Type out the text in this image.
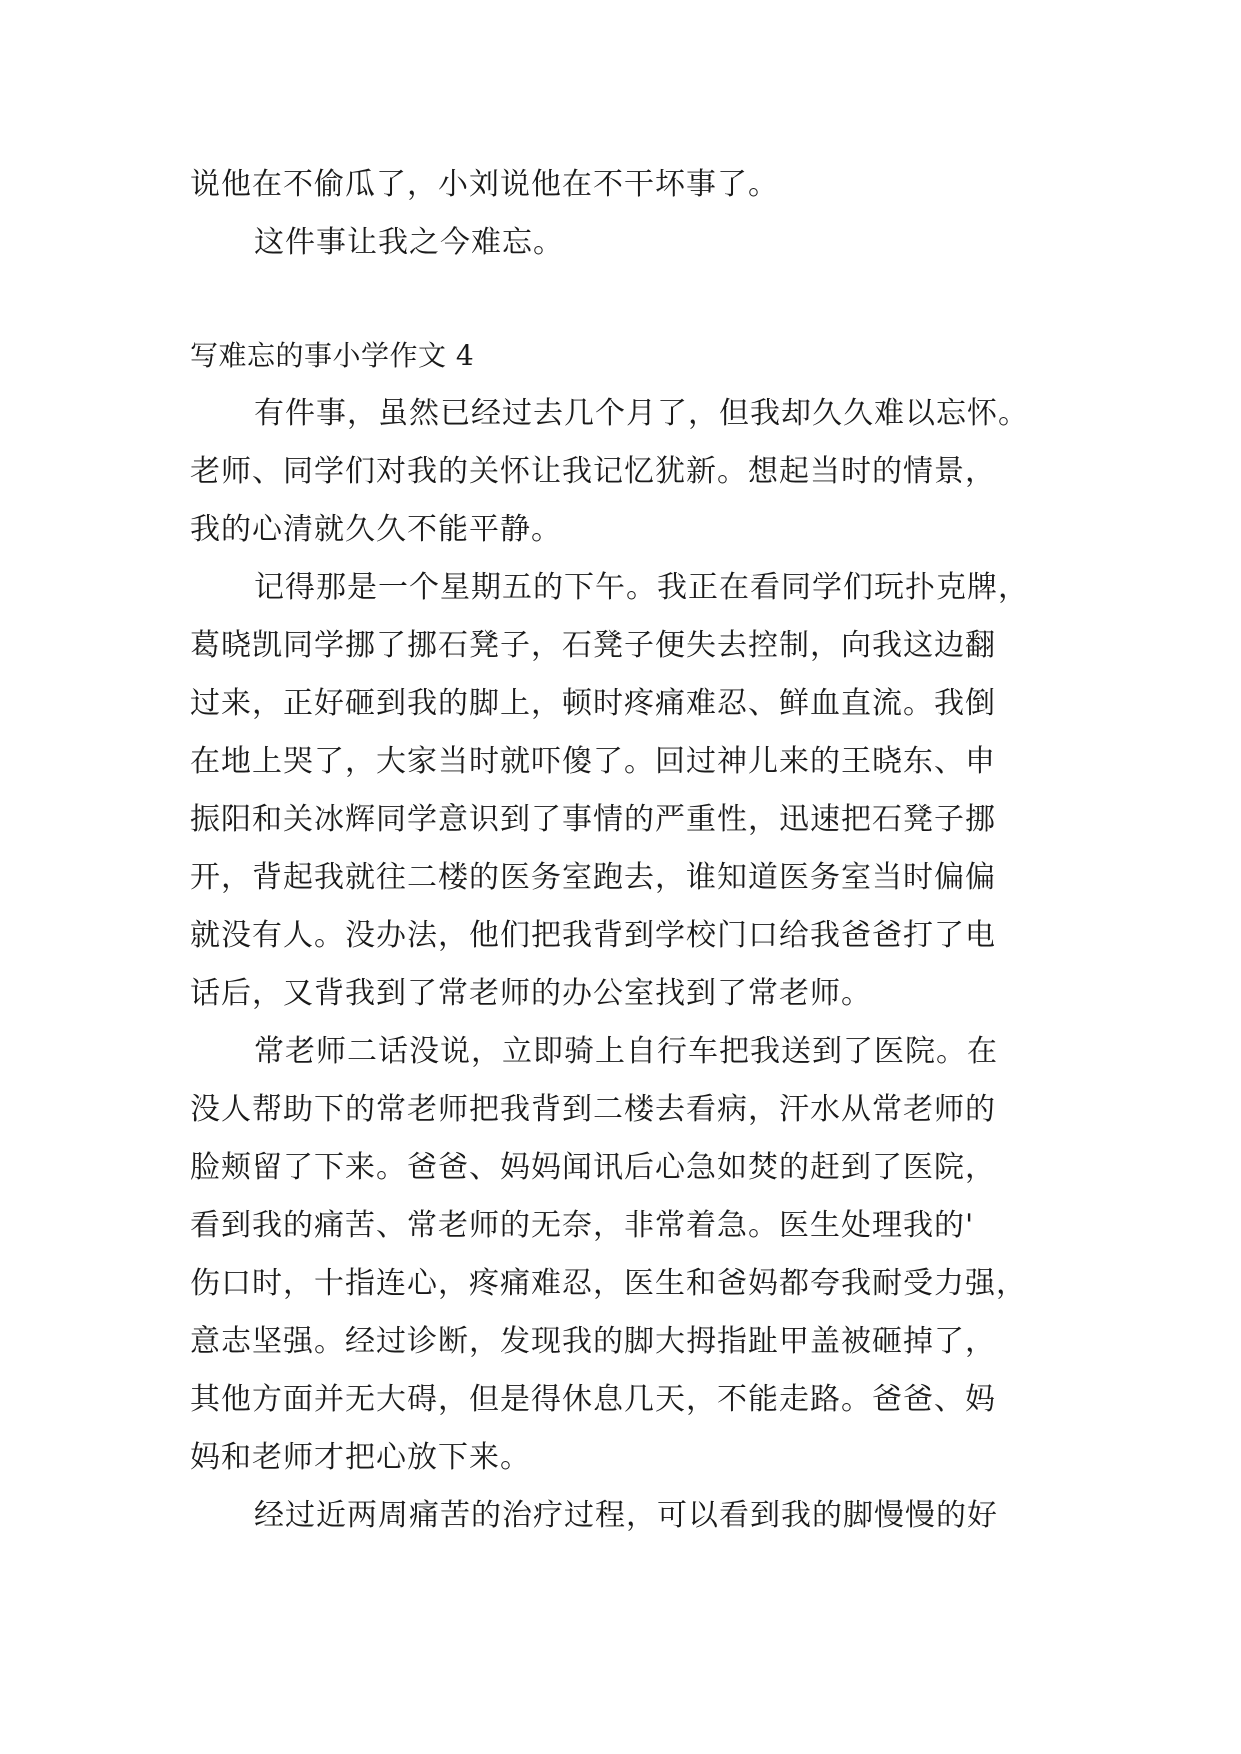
说他在不偷瓜了，小刘说他在不干坏事了。
这件事让我之今难忘。
写难忘的事小学作文 4
有件事，虽然已经过去几个月了，但我却久久难以忘怀。
老师、同学们对我的关怀让我记忆犹新。想起当时的情景，
我的心清就久久不能平静。
记得那是一个星期五的下午。我正在看同学们玩扑克牌，
葛晓凯同学挪了挪石凳子，石凳子便失去控制，向我这边翻
过来，正好砸到我的脚上，顿时疼痛难忍、鲜血直流。我倒
在地上哭了，大家当时就吓傻了。回过神儿来的王晓东、申
振阳和关冰辉同学意识到了事情的严重性，迅速把石凳子挪
开，背起我就往二楼的医务室跑去，谁知道医务室当时偏偏
就没有人。没办法，他们把我背到学校门口给我爸爸打了电
话后，又背我到了常老师的办公室找到了常老师。
常老师二话没说，立即骑上自行车把我送到了医院。在
没人帮助下的常老师把我背到二楼去看病，汗水从常老师的
脸颊留了下来。爸爸、妈妈闻讯后心急如焚的赶到了医院，
看到我的痛苦、常老师的无奈，非常着急。医生处理我的'
伤口时，十指连心，疼痛难忍，医生和爸妈都夸我耐受力强，
意志坚强。经过诊断，发现我的脚大拇指趾甲盖被砸掉了，
其他方面并无大碍，但是得休息几天，不能走路。爸爸、妈
妈和老师才把心放下来。
经过近两周痛苦的治疗过程，可以看到我的脚慢慢的好
